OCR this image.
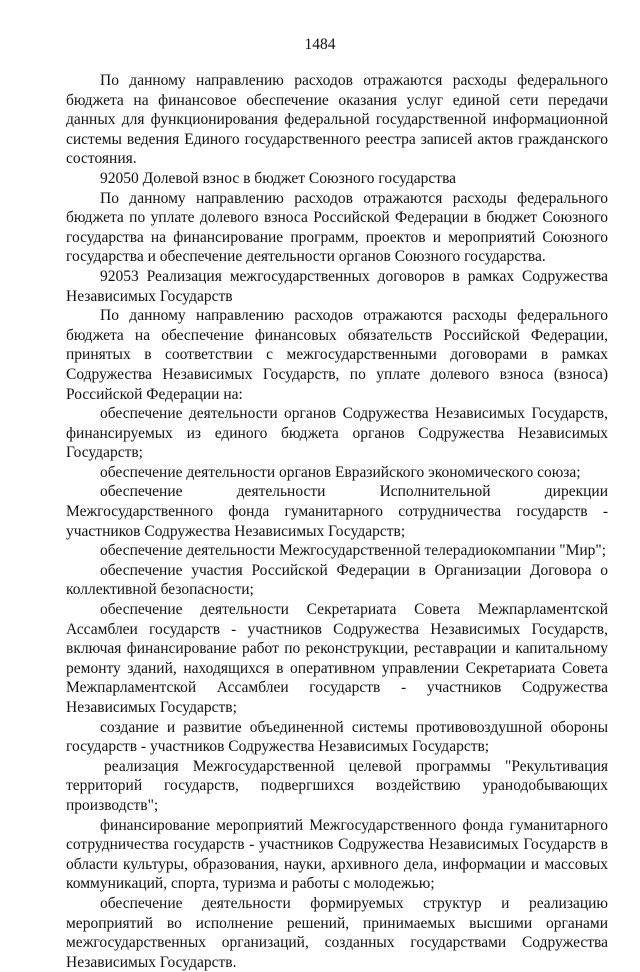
1484

По данному направлению расходов отражаются расходы федерального бюджета на финансовое обеспечение оказания услуг единой сети передачи данных для функционирования федеральной государственной информационной системы ведения Единого государственного реестра записей актов гражданского состояния.

92050 Долевой взнос в бюджет Союзного государства

По данному направлению расходов отражаются расходы федерального бюджета по уплате долевого взноса Российской Федерации в бюджет Союзного государства на финансирование программ, проектов и мероприятий Союзного государства и обеспечение деятельности органов Союзного государства.

92053 Реализация межгосударственных договоров в рамках Содружества Независимых Государств

По данному направлению расходов отражаются расходы федерального бюджета на обеспечение финансовых обязательств Российской Федерации, принятых в соответствии с межгосударственными договорами в рамках Содружества Независимых Государств, по уплате долевого взноса (взноса) Российской Федерации на:

обеспечение деятельности органов Содружества Независимых Государств, финансируемых из единого бюджета органов Содружества Независимых Государств;

обеспечение деятельности органов Евразийского экономического союза;

обеспечение деятельности Исполнительной дирекции Межгосударственного фонда гуманитарного сотрудничества государств - участников Содружества Независимых Государств;

обеспечение деятельности Межгосударственной телерадиокомпании "Мир";

обеспечение участия Российской Федерации в Организации Договора о коллективной безопасности;

обеспечение деятельности Секретариата Совета Межпарламентской Ассамблеи государств - участников Содружества Независимых Государств, включая финансирование работ по реконструкции, реставрации и капитальному ремонту зданий, находящихся в оперативном управлении Секретариата Совета Межпарламентской Ассамблеи государств - участников Содружества Независимых Государств;

создание и развитие объединенной системы противовоздушной обороны государств - участников Содружества Независимых Государств;

реализация Межгосударственной целевой программы "Рекультивация территорий государств, подвергшихся воздействию уранодобывающих производств";

финансирование мероприятий Межгосударственного фонда гуманитарного сотрудничества государств - участников Содружества Независимых Государств в области культуры, образования, науки, архивного дела, информации и массовых коммуникаций, спорта, туризма и работы с молодежью;

обеспечение деятельности формируемых структур и реализацию мероприятий во исполнение решений, принимаемых высшими органами межгосударственных организаций, созданных государствами Содружества Независимых Государств.
